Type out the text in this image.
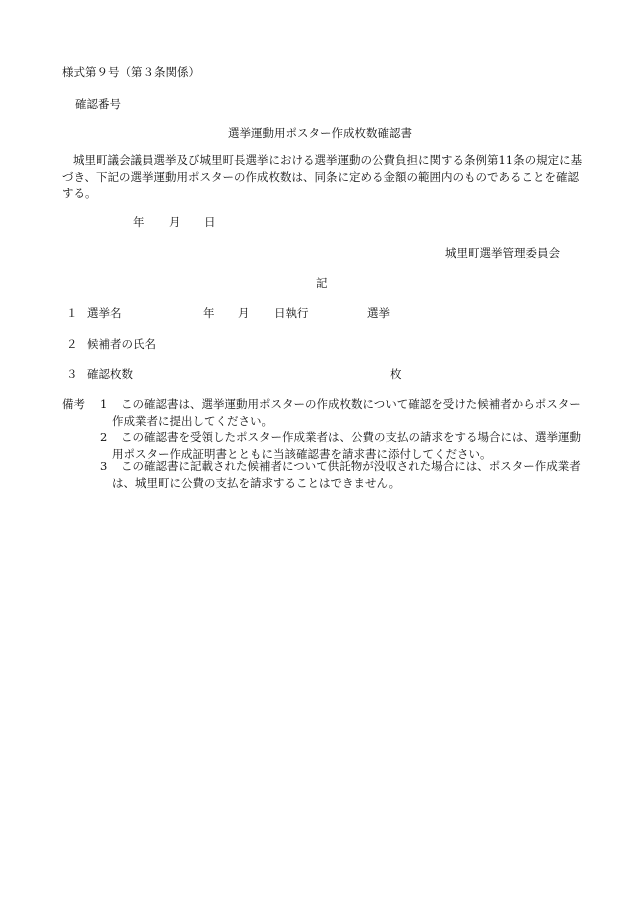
様式第９号（第３条関係）
確認番号
選挙運動用ポスター作成枚数確認書
城里町議会議員選挙及び城里町長選挙における選挙運動の公費負担に関する条例第11条の規定に基づき、下記の選挙運動用ポスターの作成枚数は、同条に定める金額の範囲内のものであることを確認する。
年 月 日
城里町選挙管理委員会
記
１ 選挙名	年 月 日執行	選挙
２ 候補者の氏名
３ 確認枚数	枚
備考 1	この確認書は、選挙運動用ポスターの作成枚数について確認を受けた候補者からポスター作成業者に提出してください。
2	この確認書を受領したポスター作成業者は、公費の支払の請求をする場合には、選挙運動用ポスター作成証明書とともに当該確認書を請求書に添付してください。
3	この確認書に記載された候補者について供託物が没収された場合には、ポスター作成業者は、城里町に公費の支払を請求することはできません。
